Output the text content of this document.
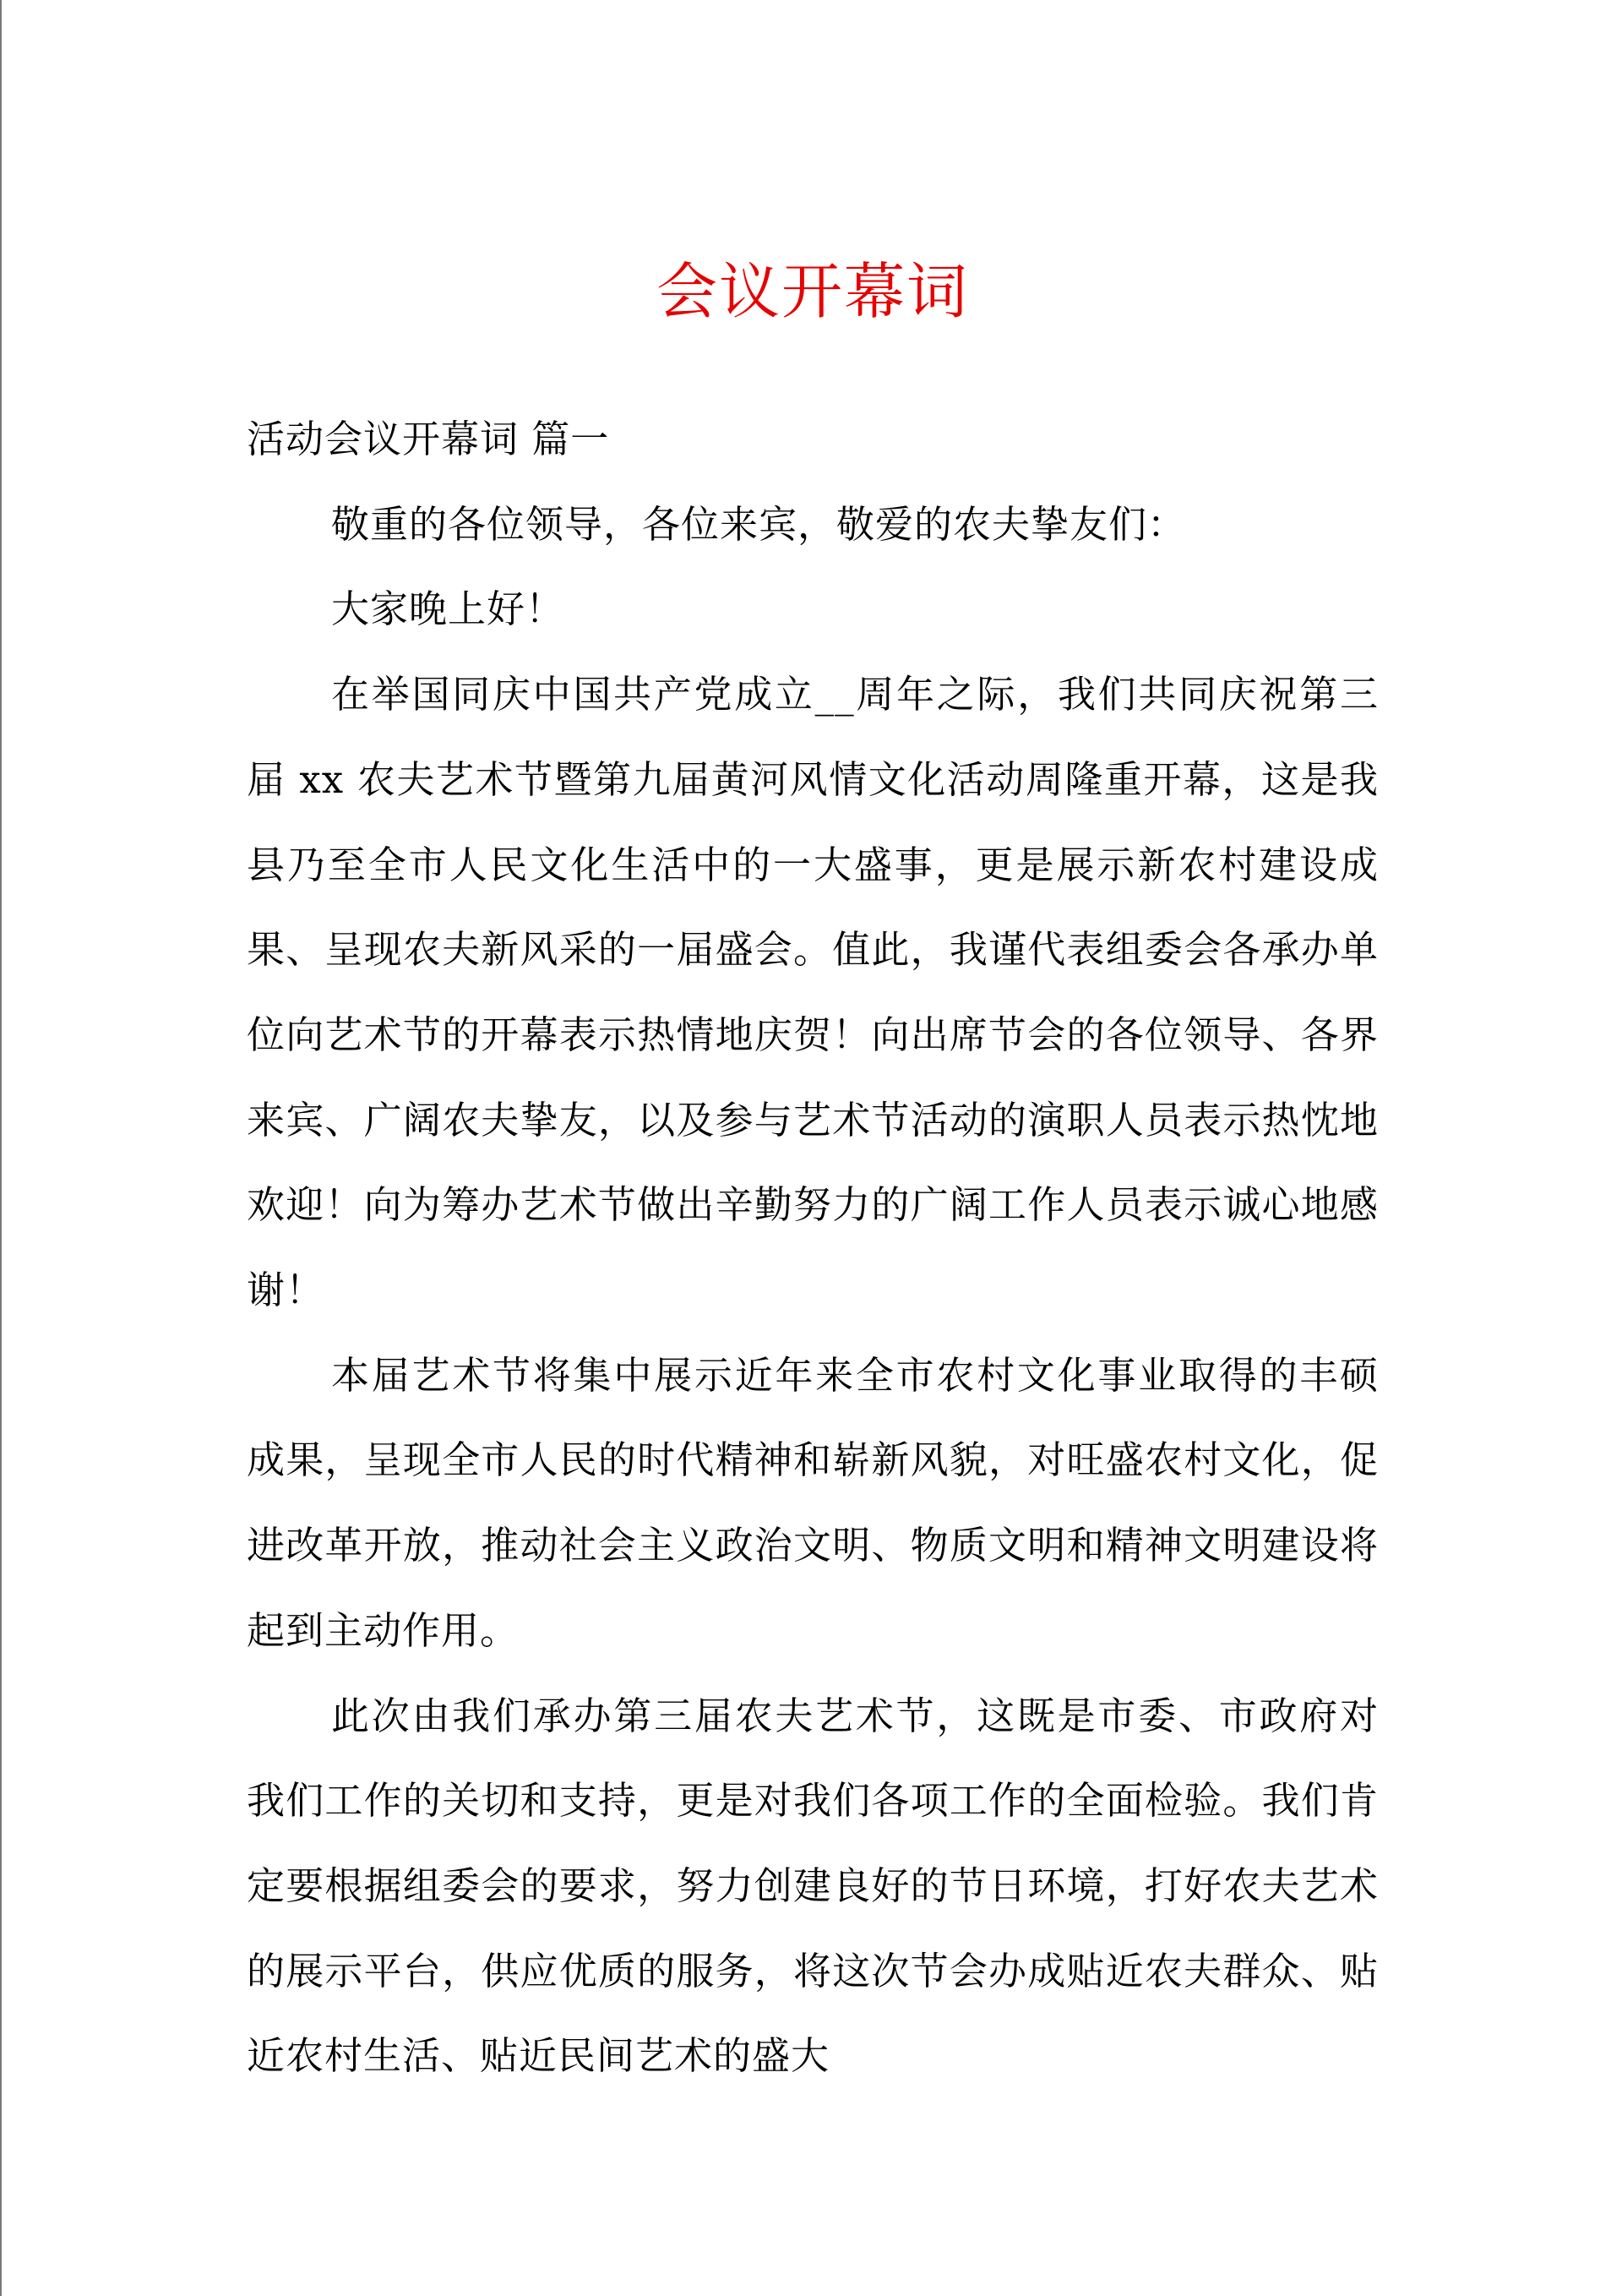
会议开幕词

活动会议开幕词 篇一

敬重的各位领导，各位来宾，敬爱的农夫挚友们：

大家晚上好！

在举国同庆中国共产党成立__周年之际，我们共同庆祝第三届 xx 农夫艺术节暨第九届黄河风情文化活动周隆重开幕，这是我县乃至全市人民文化生活中的一大盛事，更是展示新农村建设成果、呈现农夫新风采的一届盛会。值此，我谨代表组委会各承办单位向艺术节的开幕表示热情地庆贺！向出席节会的各位领导、各界来宾、广阔农夫挚友，以及参与艺术节活动的演职人员表示热忱地欢迎！向为筹办艺术节做出辛勤努力的广阔工作人员表示诚心地感谢！

本届艺术节将集中展示近年来全市农村文化事业取得的丰硕成果，呈现全市人民的时代精神和崭新风貌，对旺盛农村文化，促进改革开放，推动社会主义政治文明、物质文明和精神文明建设将起到主动作用。

此次由我们承办第三届农夫艺术节，这既是市委、市政府对我们工作的关切和支持，更是对我们各项工作的全面检验。我们肯定要根据组委会的要求，努力创建良好的节日环境，打好农夫艺术的展示平台，供应优质的服务，将这次节会办成贴近农夫群众、贴近农村生活、贴近民间艺术的盛大
